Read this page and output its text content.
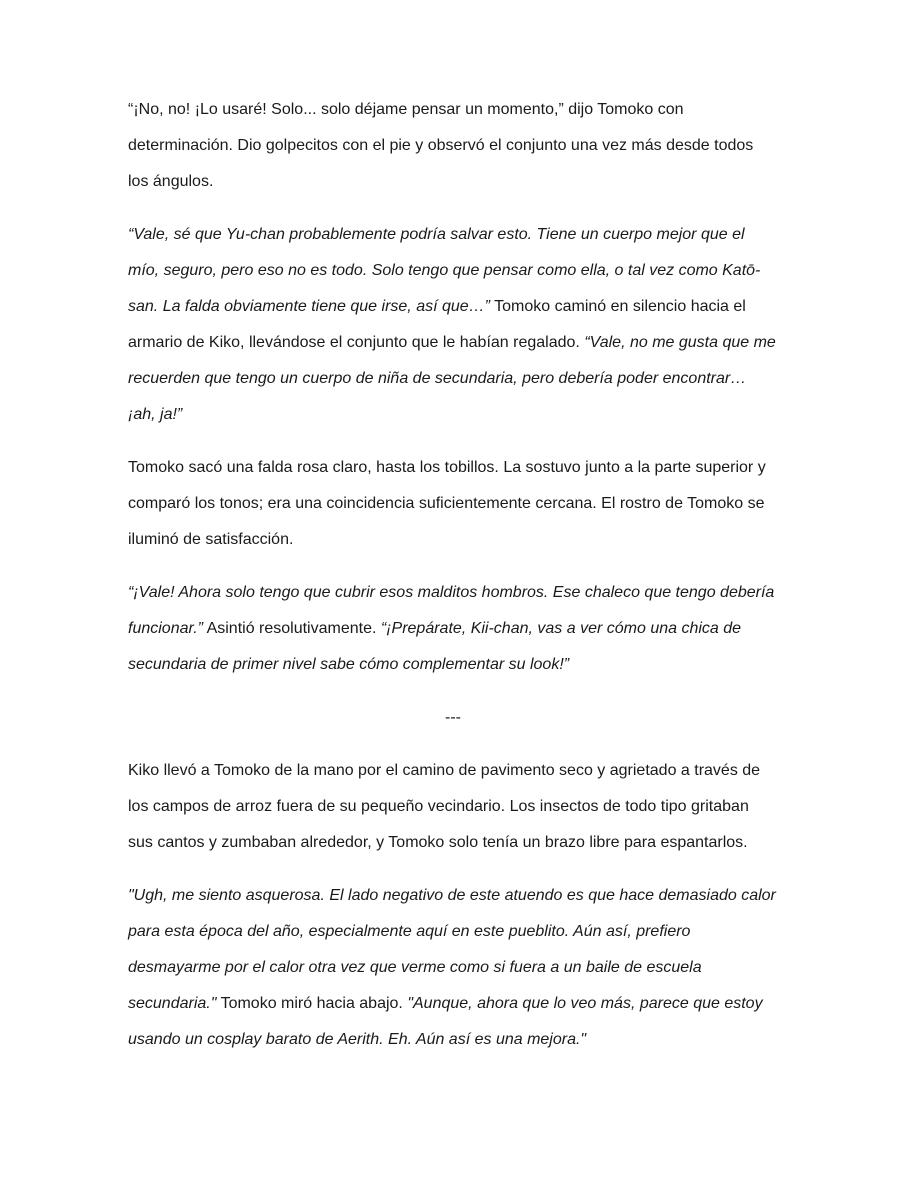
“¡No, no! ¡Lo usaré! Solo... solo déjame pensar un momento,” dijo Tomoko con determinación. Dio golpecitos con el pie y observó el conjunto una vez más desde todos los ángulos.

“Vale, sé que Yu-chan probablemente podría salvar esto. Tiene un cuerpo mejor que el mío, seguro, pero eso no es todo. Solo tengo que pensar como ella, o tal vez como Katō-san. La falda obviamente tiene que irse, así que…” Tomoko caminó en silencio hacia el armario de Kiko, llevándose el conjunto que le habían regalado. “Vale, no me gusta que me recuerden que tengo un cuerpo de niña de secundaria, pero debería poder encontrar… ¡ah, ja!”

Tomoko sacó una falda rosa claro, hasta los tobillos. La sostuvo junto a la parte superior y comparó los tonos; era una coincidencia suficientemente cercana. El rostro de Tomoko se iluminó de satisfacción.

“¡Vale! Ahora solo tengo que cubrir esos malditos hombros. Ese chaleco que tengo debería funcionar.” Asintió resolutivamente. “¡Prepárate, Kii-chan, vas a ver cómo una chica de secundaria de primer nivel sabe cómo complementar su look!”

---

Kiko llevó a Tomoko de la mano por el camino de pavimento seco y agrietado a través de los campos de arroz fuera de su pequeño vecindario. Los insectos de todo tipo gritaban sus cantos y zumbaban alrededor, y Tomoko solo tenía un brazo libre para espantarlos.

"Ugh, me siento asquerosa. El lado negativo de este atuendo es que hace demasiado calor para esta época del año, especialmente aquí en este pueblito. Aún así, prefiero desmayarme por el calor otra vez que verme como si fuera a un baile de escuela secundaria." Tomoko miró hacia abajo. "Aunque, ahora que lo veo más, parece que estoy usando un cosplay barato de Aerith. Eh. Aún así es una mejora."
